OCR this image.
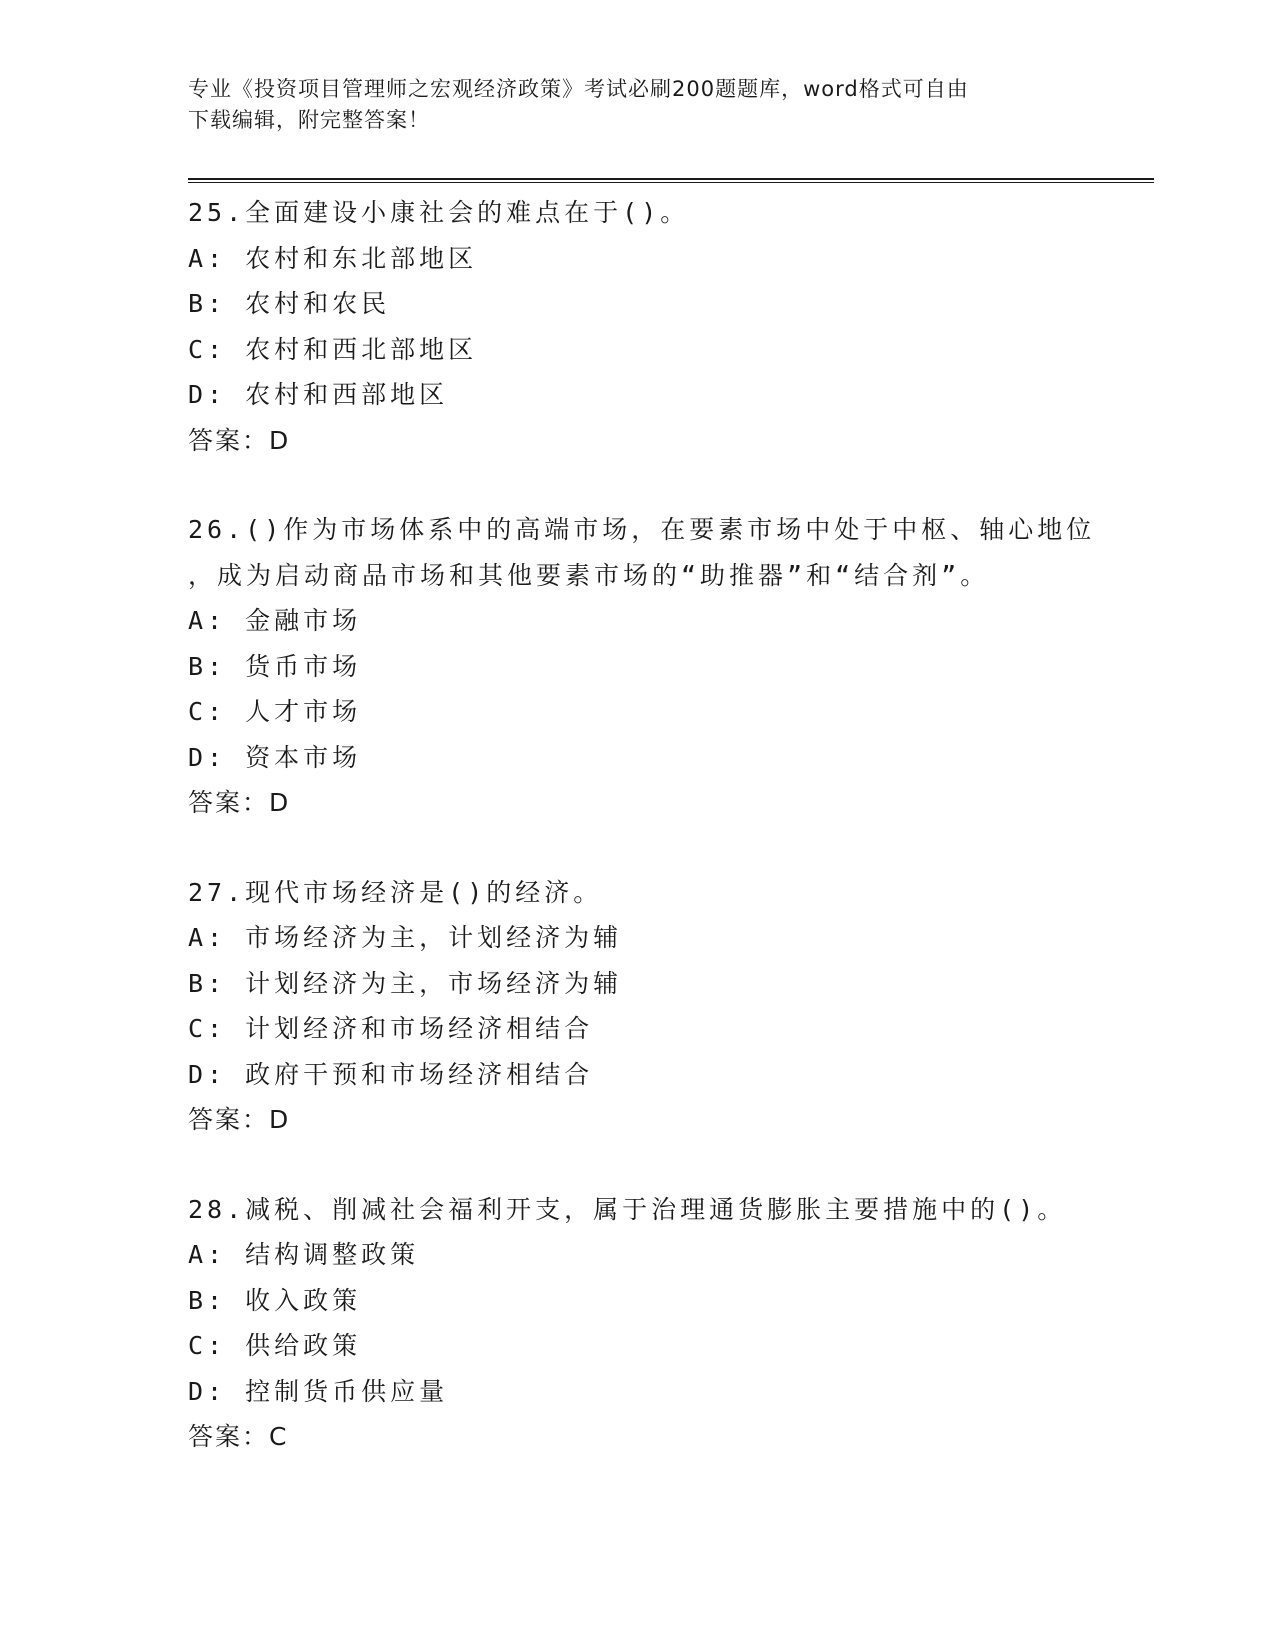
专业《投资项目管理师之宏观经济政策》考试必刷200题题库，word格式可自由
下载编辑，附完整答案！
25.全面建设小康社会的难点在于()。
A: 农村和东北部地区
B: 农村和农民
C: 农村和西北部地区
D: 农村和西部地区
答案：D
26.()作为市场体系中的高端市场，在要素市场中处于中枢、轴心地位
，成为启动商品市场和其他要素市场的“助推器”和“结合剂”。
A: 金融市场
B: 货币市场
C: 人才市场
D: 资本市场
答案：D
27.现代市场经济是()的经济。
A: 市场经济为主，计划经济为辅
B: 计划经济为主，市场经济为辅
C: 计划经济和市场经济相结合
D: 政府干预和市场经济相结合
答案：D
28.减税、削减社会福利开支，属于治理通货膨胀主要措施中的()。
A: 结构调整政策
B: 收入政策
C: 供给政策
D: 控制货币供应量
答案：C
